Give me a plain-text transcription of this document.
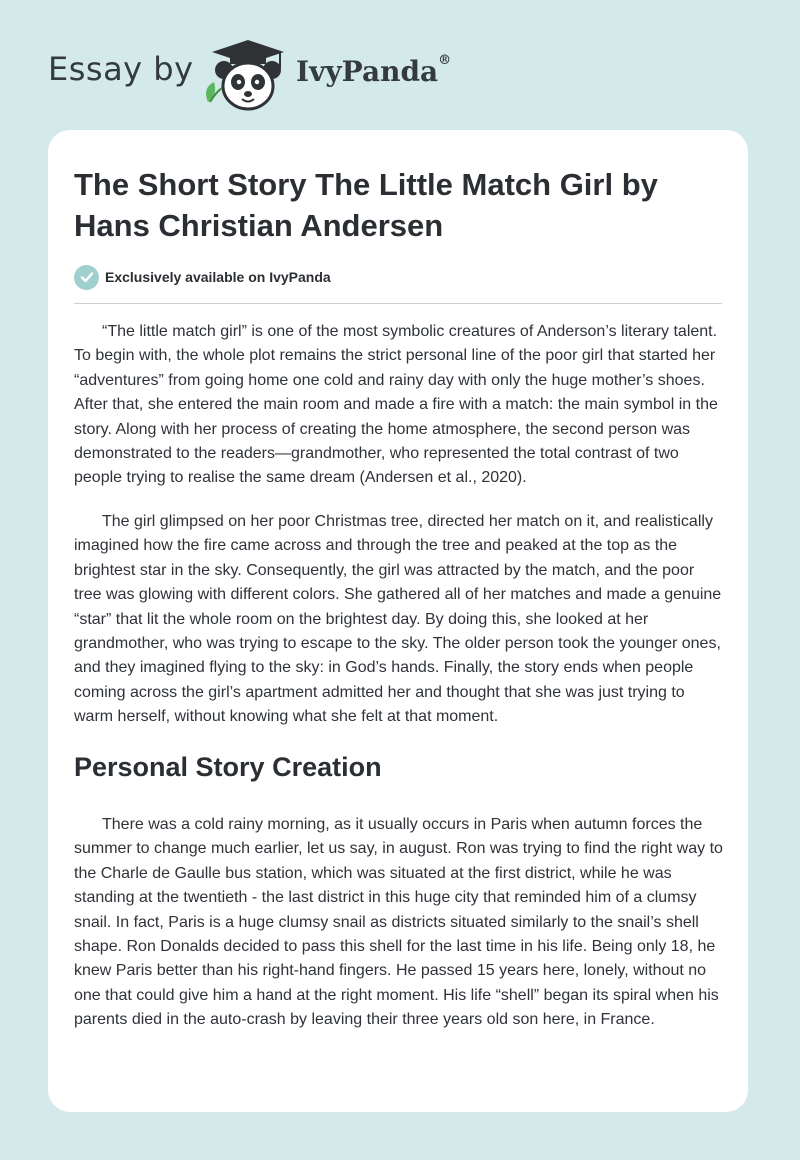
Essay by	IvyPanda®
The Short Story The Little Match Girl by Hans Christian Andersen
Exclusively available on IvyPanda

“The little match girl” is one of the most symbolic creatures of Anderson’s literary talent. To begin with, the whole plot remains the strict personal line of the poor girl that started her “adventures” from going home one cold and rainy day with only the huge mother’s shoes. After that, she entered the main room and made a fire with a match: the main symbol in the story. Along with her process of creating the home atmosphere, the second person was demonstrated to the readers—grandmother, who represented the total contrast of two people trying to realise the same dream (Andersen et al., 2020).

The girl glimpsed on her poor Christmas tree, directed her match on it, and realistically imagined how the fire came across and through the tree and peaked at the top as the brightest star in the sky. Consequently, the girl was attracted by the match, and the poor tree was glowing with different colors. She gathered all of her matches and made a genuine “star” that lit the whole room on the brightest day. By doing this, she looked at her grandmother, who was trying to escape to the sky. The older person took the younger ones, and they imagined flying to the sky: in God’s hands. Finally, the story ends when people coming across the girl’s apartment admitted her and thought that she was just trying to warm herself, without knowing what she felt at that moment.

Personal Story Creation

There was a cold rainy morning, as it usually occurs in Paris when autumn forces the summer to change much earlier, let us say, in august. Ron was trying to find the right way to the Charle de Gaulle bus station, which was situated at the first district, while he was standing at the twentieth - the last district in this huge city that reminded him of a clumsy snail. In fact, Paris is a huge clumsy snail as districts situated similarly to the snail’s shell shape. Ron Donalds decided to pass this shell for the last time in his life. Being only 18, he knew Paris better than his right-hand fingers. He passed 15 years here, lonely, without no one that could give him a hand at the right moment. His life “shell” began its spiral when his parents died in the auto-crash by leaving their three years old son here, in France.
